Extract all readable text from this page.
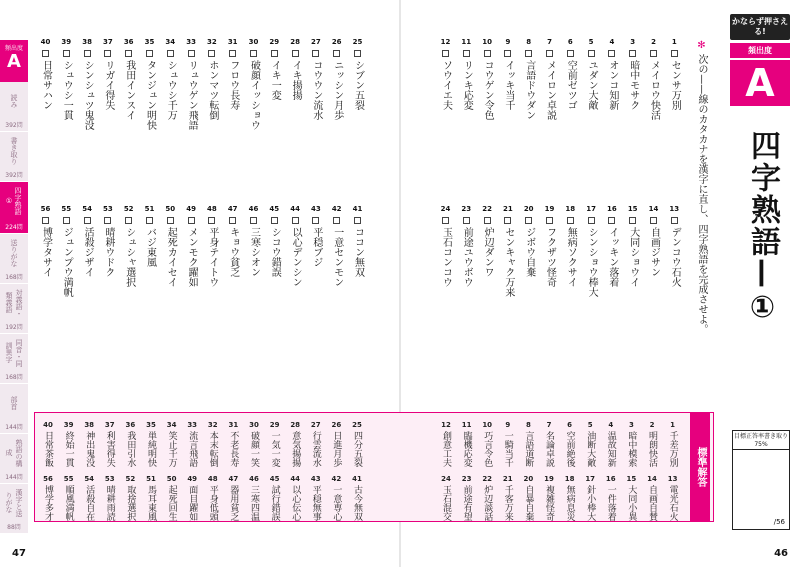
頻出度
A
読み
392問
書き取り
392問
四字熟語①
224問
送りがな
168問
対義語・類義語
192問
同音・同訓異字
168問
部首
144問
熟語の構成
144問
漢字と送りがな
88問
かならず押さえる!
頻出度
A
四字熟語—①
✻ 次の——線のカタカナを漢字に直し、四字熟語を完成させよ。
目標正答率書き取り75%
/56
40
日常サハン
39
シュウシ一貫
38
シンシュツ鬼没
37
リガイ得失
36
我田インスイ
35
タンジュン明快
34
シュウシ千万
33
リュウゲン飛語
32
ホンマツ転倒
31
フロウ長寿
30
破顔イッショウ
29
イキ一変
28
イキ揚揚
27
コウウン流水
26
ニッシン月歩
25
シブン五裂
56
博学タサイ
55
ジュンプウ満帆
54
活殺ジザイ
53
晴耕ウドク
52
シュシャ選択
51
バジ東風
50
起死カイセイ
49
メンモク躍如
48
平身テイトウ
47
キョウ貧乏
46
三寒シオン
45
シコウ錯誤
44
以心デンシン
43
平穏ブジ
42
一意センモン
41
ココン無双
12
ソウイエ夫
11
リンキ応変
10
コウゲン令色
9
イッキ当千
8
言語ドウダン
7
メイロン卓説
6
空前ゼツゴ
5
ユダン大敵
4
オンコ知新
3
暗中モサク
2
メイロウ快活
1
センサ万別
24
玉石コンコウ
23
前途ユウボウ
22
炉辺ダンワ
21
センキャク万来
20
ジボウ自棄
19
フクザツ怪奇
18
無病ソクサイ
17
シンショウ棒大
16
イッキン落着
15
大同ショウイ
14
自画ジサン
13
デンコウ石火
40
日常茶飯
39
終始一貫
38
神出鬼没
37
利害得失
36
我田引水
35
単純明快
34
笑止千万
33
流言飛語
32
本末転倒
31
不老長寿
30
破顔一笑
29
一気一変
28
意気揚揚
27
行雲流水
26
日進月歩
25
四分五裂
12
創意工夫
11
臨機応変
10
巧言令色
9
一騎当千
8
言語道断
7
名論卓説
6
空前絶後
5
油断大敵
4
温故知新
3
暗中模索
2
明朗快活
1
千差万別
56
博学多才
55
順風満帆
54
活殺自在
53
晴耕雨読
52
取捨選択
51
馬耳東風
50
起死回生
49
面目躍如
48
平身低頭
47
器用貧乏
46
三寒四温
45
試行錯誤
44
以心伝心
43
平穏無事
42
一意専心
41
古今無双
24
玉石混交
23
前途有望
22
炉辺談話
21
千客万来
20
自暴自棄
19
複雑怪奇
18
無病息災
17
針小棒大
16
一件落着
15
大同小異
14
自画自賛
13
電光石火
標準解答
47	46
